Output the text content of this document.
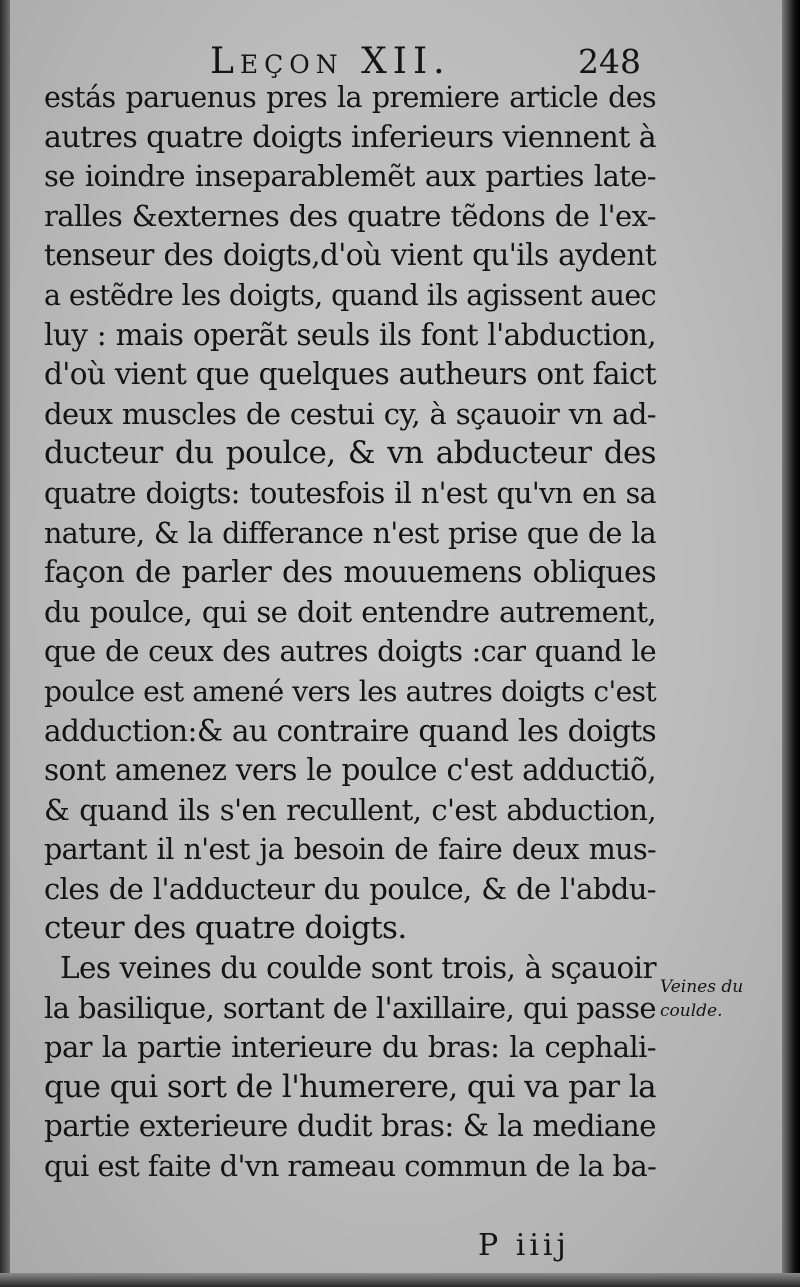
Leçon XII.	248
estás paruenus pres la premiere article des
autres quatre doigts inferieurs viennent à
se ioindre inseparablemẽt aux parties late-
ralles &externes des quatre tẽdons de l'ex-
tenseur des doigts,d'où vient qu'ils aydent
a estẽdre les doigts, quand ils agissent auec
luy : mais operãt seuls ils font l'abduction,
d'où vient que quelques autheurs ont faict
deux muscles de cestui cy, à sçauoir vn ad-
ducteur du poulce, & vn abducteur des
quatre doigts: toutesfois il n'est qu'vn en sa
nature, & la differance n'est prise que de la
façon de parler des mouuemens obliques
du poulce, qui se doit entendre autrement,
que de ceux des autres doigts :car quand le
poulce est amené vers les autres doigts c'est
adduction:& au contraire quand les doigts
sont amenez vers le poulce c'est adductiõ,
& quand ils s'en recullent, c'est abduction,
partant il n'est ja besoin de faire deux mus-
cles de l'adducteur du poulce, & de l'abdu-
cteur des quatre doigts.
Les veines du coulde sont trois, à sçauoir
la basilique, sortant de l'axillaire, qui passe
par la partie interieure du bras: la cephali-
que qui sort de l'humerere, qui va par la
partie exterieure dudit bras: & la mediane
qui est faite d'vn rameau commun de la ba-
Veines du
coulde.
P iiij
